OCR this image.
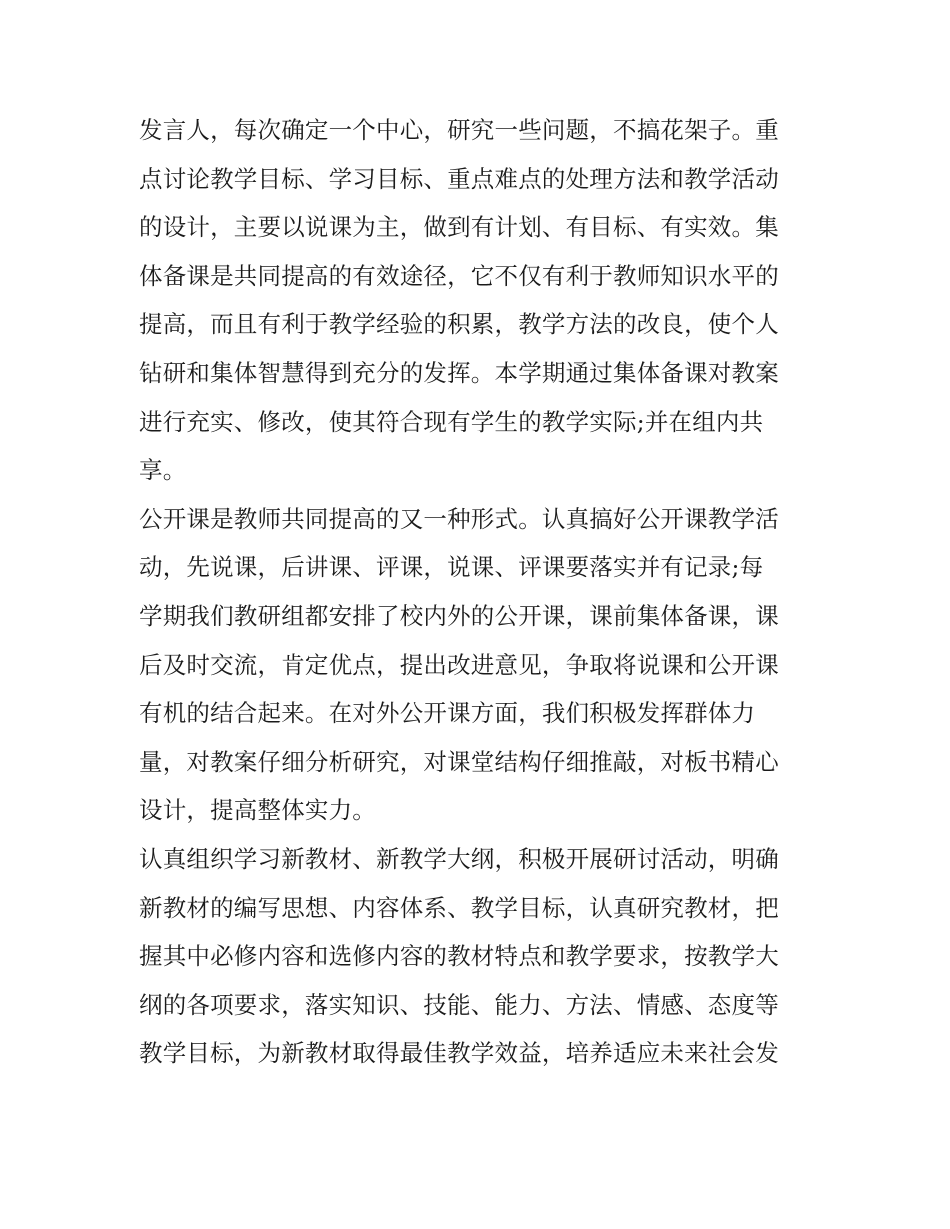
发言人，每次确定一个中心，研究一些问题，不搞花架子。重
点讨论教学目标、学习目标、重点难点的处理方法和教学活动
的设计，主要以说课为主，做到有计划、有目标、有实效。集
体备课是共同提高的有效途径，它不仅有利于教师知识水平的
提高，而且有利于教学经验的积累，教学方法的改良，使个人
钻研和集体智慧得到充分的发挥。本学期通过集体备课对教案
进行充实、修改，使其符合现有学生的教学实际;并在组内共
享。

公开课是教师共同提高的又一种形式。认真搞好公开课教学活
动，先说课，后讲课、评课，说课、评课要落实并有记录;每
学期我们教研组都安排了校内外的公开课，课前集体备课，课
后及时交流，肯定优点，提出改进意见，争取将说课和公开课
有机的结合起来。在对外公开课方面，我们积极发挥群体力
量，对教案仔细分析研究，对课堂结构仔细推敲，对板书精心
设计，提高整体实力。

认真组织学习新教材、新教学大纲，积极开展研讨活动，明确
新教材的编写思想、内容体系、教学目标，认真研究教材，把
握其中必修内容和选修内容的教材特点和教学要求，按教学大
纲的各项要求，落实知识、技能、能力、方法、情感、态度等
教学目标，为新教材取得最佳教学效益，培养适应未来社会发
